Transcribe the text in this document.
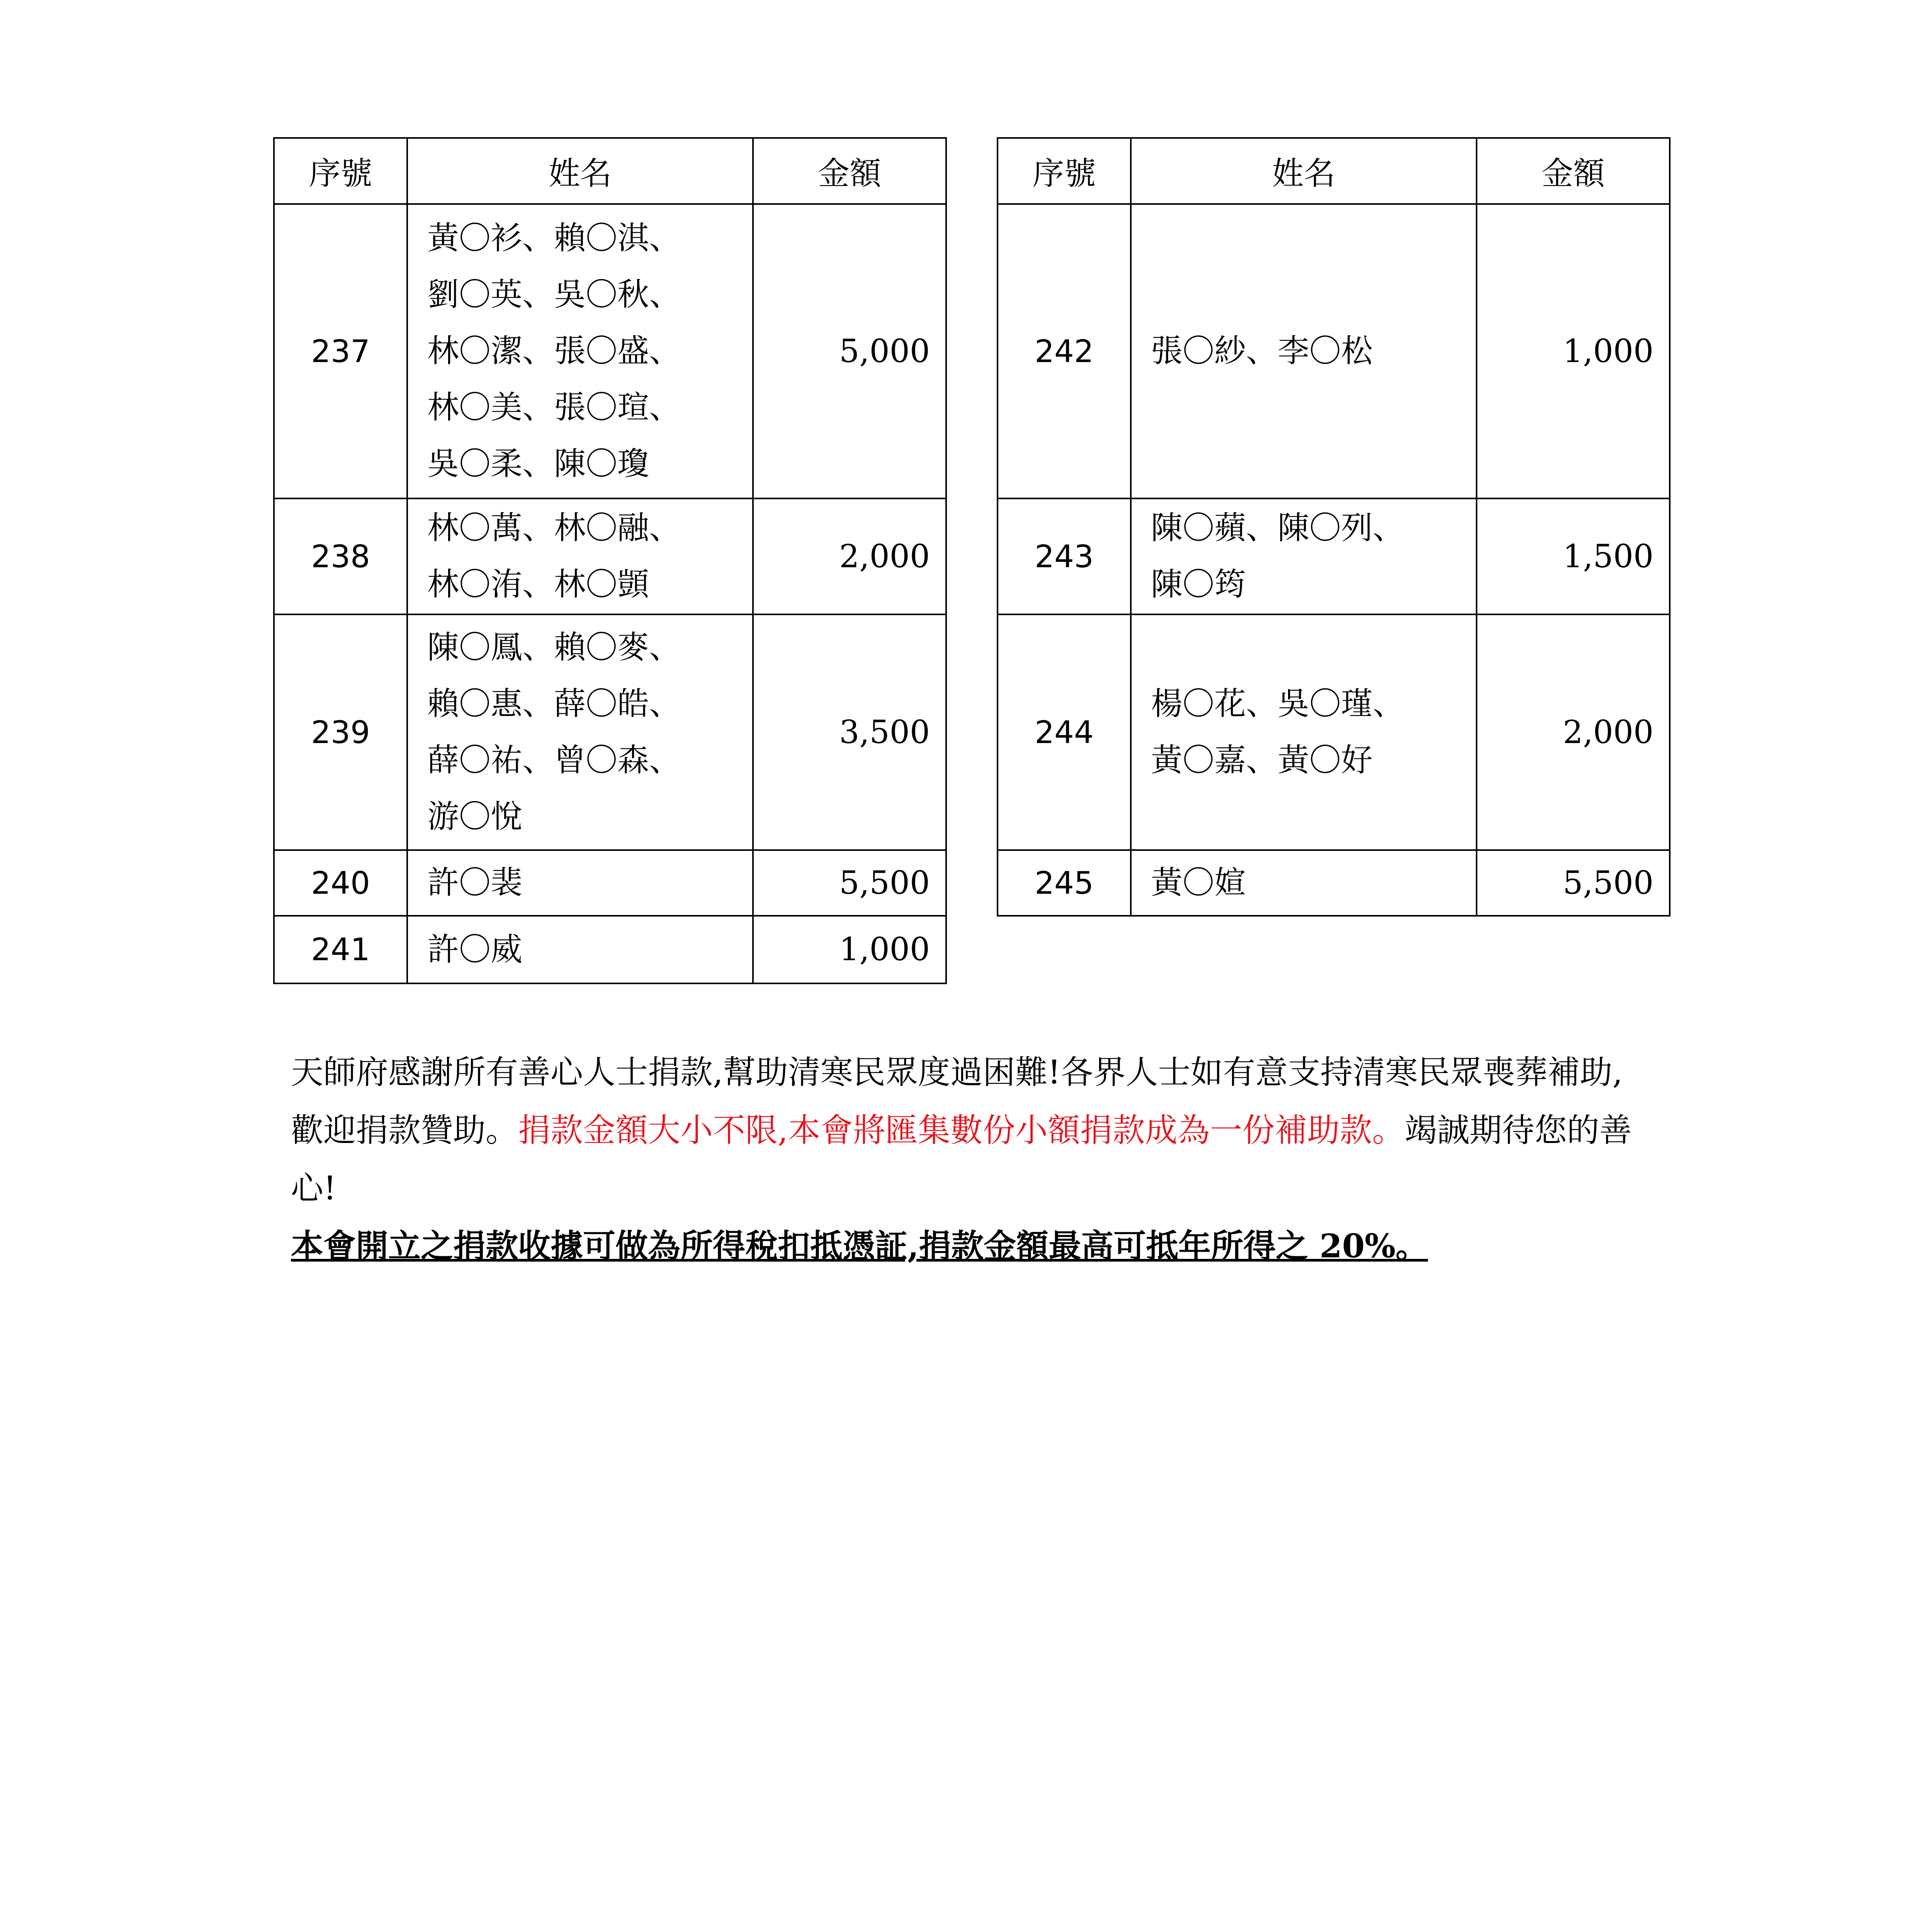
序號	姓名	金額
237	黃〇衫、賴〇淇、
劉〇英、吳〇秋、
林〇潔、張〇盛、
林〇美、張〇瑄、
吳〇柔、陳〇瓊	5,000
238	林〇萬、林〇融、
林〇洧、林〇顗	2,000
239	陳〇鳳、賴〇麥、
賴〇惠、薛〇皓、
薛〇祐、曾〇森、
游〇悅	3,500
240	許〇裴	5,500
241	許〇威	1,000
序號	姓名	金額
242	張〇紗、李〇松	1,000
243	陳〇蘋、陳〇列、
陳〇筠	1,500
244	楊〇花、吳〇瑾、
黃〇嘉、黃〇好	2,000
245	黃〇媗	5,500

天師府感謝所有善心人士捐款,幫助清寒民眾度過困難!各界人士如有意支持清寒民眾喪葬補助,歡迎捐款贊助。捐款金額大小不限,本會將匯集數份小額捐款成為一份補助款。竭誠期待您的善心!

本會開立之捐款收據可做為所得稅扣抵憑証,捐款金額最高可抵年所得之 20%。
